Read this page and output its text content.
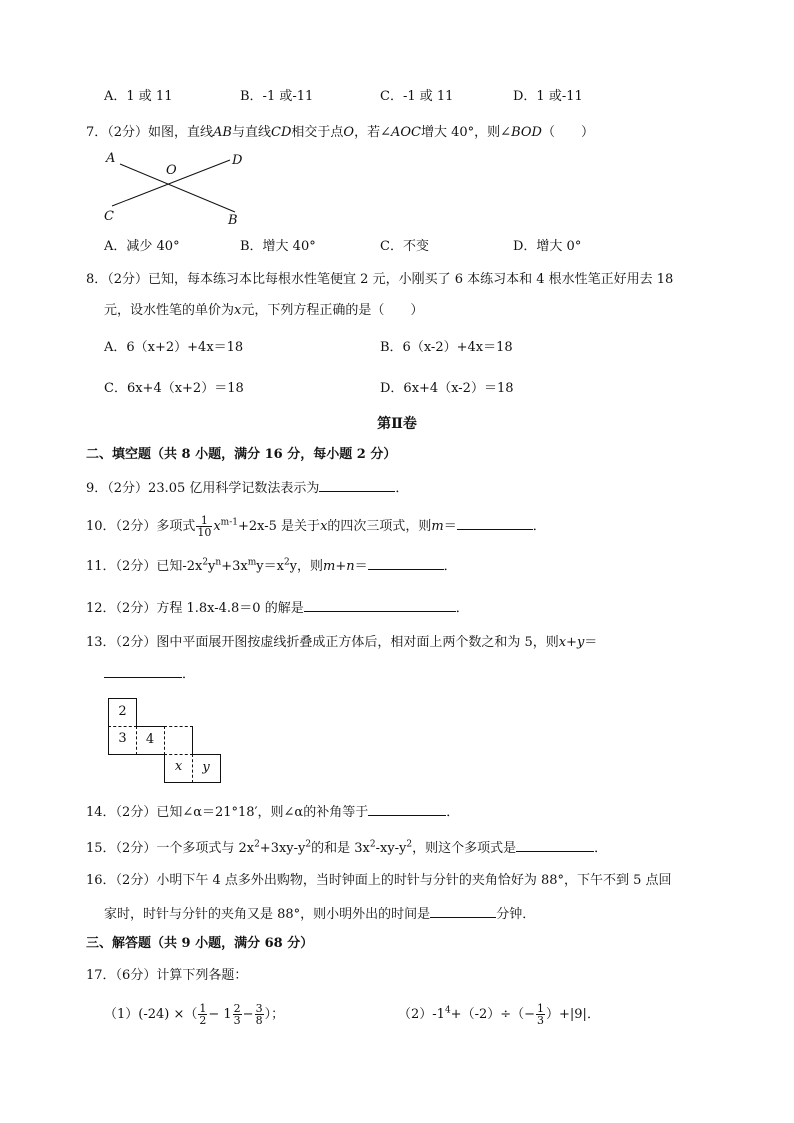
A．1 或 11	B．-1 或-11	C．-1 或 11	D．1 或-11
7．（2分）如图，直线AB与直线CD相交于点O，若∠AOC增大 40°，则∠BOD（　　）
A
O
D
C	B
A．减少 40°	B．增大 40°	C．不变	D．增大 0°
8．（2分）已知，每本练习本比每根水性笔便宜 2 元，小刚买了 6 本练习本和 4 根水性笔正好用去 18
元，设水性笔的单价为x元，下列方程正确的是（　　）
A．6（x+2）+4x＝18	B．6（x-2）+4x＝18
C．6x+4（x+2）＝18	D．6x+4（x-2）＝18
第Ⅱ卷
二、填空题（共 8 小题，满分 16 分，每小题 2 分）
9．（2分）23.05 亿用科学记数法表示为	．
10．（2分）多项式 $\frac{1}{10} x^{m-1}+2x-5$ 是关于x的四次三项式，则m＝	．
11．（2分）已知$-2x^2y^n+3x^my=x^2y$，则m+n＝	．
12．（2分）方程 1.8x-4.8＝0 的解是	．
13．（2分）图中平面展开图按虚线折叠成正方体后，相对面上两个数之和为 5，则x+y＝
．
2
3	4
x	y
14．（2分）已知∠α＝21°18′，则∠α的补角等于	．
15．（2分）一个多项式与 $2x^2+3xy-y^2$的和是 $3x^2-xy-y^2$，则这个多项式是	．
16．（2分）小明下午 4 点多外出购物，当时钟面上的时针与分针的夹角恰好为 88°，下午不到 5 点回
家时，时针与分针的夹角又是 88°，则小明外出的时间是	分钟．
三、解答题（共 9 小题，满分 68 分）
17．（6分）计算下列各题：
（1）(-24) ×（ $\frac{1}{2} - 1 \frac{2}{3} - \frac{3}{8}$ ）；	$(2)-1^4+(-2)\div(- \frac{1}{3} )+|9|$．
